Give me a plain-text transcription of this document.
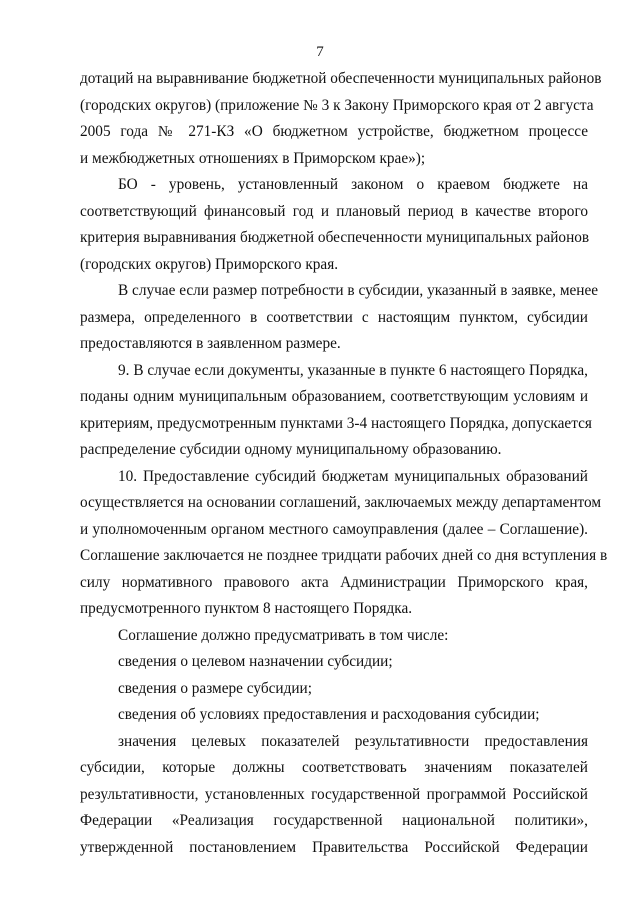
7
дотаций на выравнивание бюджетной обеспеченности муниципальных районов
(городских округов) (приложение № 3 к Закону Приморского края от 2 августа
2005 года № 271-КЗ «О бюджетном устройстве, бюджетном процессе
и межбюджетных отношениях в Приморском крае»);
БО - уровень, установленный законом о краевом бюджете на
соответствующий финансовый год и плановый период в качестве второго
критерия выравнивания бюджетной обеспеченности муниципальных районов
(городских округов) Приморского края.
В случае если размер потребности в субсидии, указанный в заявке, менее
размера, определенного в соответствии с настоящим пунктом, субсидии
предоставляются в заявленном размере.
9. В случае если документы, указанные в пункте 6 настоящего Порядка,
поданы одним муниципальным образованием, соответствующим условиям и
критериям, предусмотренным пунктами 3-4 настоящего Порядка, допускается
распределение субсидии одному муниципальному образованию.
10. Предоставление субсидий бюджетам муниципальных образований
осуществляется на основании соглашений, заключаемых между департаментом
и уполномоченным органом местного самоуправления (далее – Соглашение).
Соглашение заключается не позднее тридцати рабочих дней со дня вступления в
силу нормативного правового акта Администрации Приморского края,
предусмотренного пунктом 8 настоящего Порядка.
Соглашение должно предусматривать в том числе:
сведения о целевом назначении субсидии;
сведения о размере субсидии;
сведения об условиях предоставления и расходования субсидии;
значения целевых показателей результативности предоставления
субсидии, которые должны соответствовать значениям показателей
результативности, установленных государственной программой Российской
Федерации «Реализация государственной национальной политики»,
утвержденной постановлением Правительства Российской Федерации
